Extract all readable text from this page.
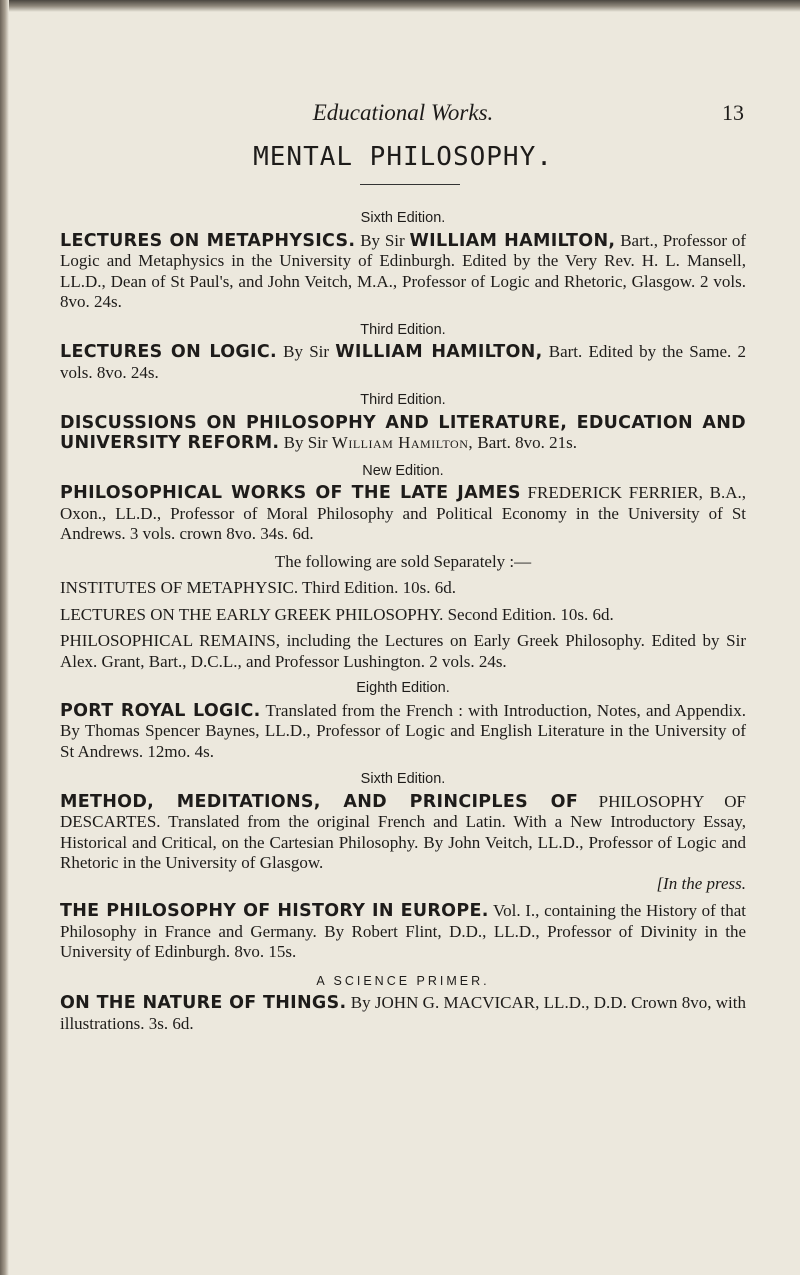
Educational Works.	13
MENTAL PHILOSOPHY.
Sixth Edition.
LECTURES ON METAPHYSICS. By Sir WILLIAM HAMILTON, Bart., Professor of Logic and Metaphysics in the University of Edinburgh. Edited by the Very Rev. H. L. Mansell, LL.D., Dean of St Paul's, and John Veitch, M.A., Professor of Logic and Rhetoric, Glasgow. 2 vols. 8vo. 24s.
Third Edition.
LECTURES ON LOGIC. By Sir WILLIAM HAMILTON, Bart. Edited by the Same. 2 vols. 8vo. 24s.
Third Edition.
DISCUSSIONS ON PHILOSOPHY AND LITERATURE, EDUCATION AND UNIVERSITY REFORM. By Sir William Hamilton, Bart. 8vo. 21s.
New Edition.
PHILOSOPHICAL WORKS OF THE LATE JAMES FREDERICK FERRIER, B.A., Oxon., LL.D., Professor of Moral Philosophy and Political Economy in the University of St Andrews. 3 vols. crown 8vo. 34s. 6d.
The following are sold Separately :—
INSTITUTES OF METAPHYSIC. Third Edition. 10s. 6d.
LECTURES ON THE EARLY GREEK PHILOSOPHY. Second Edition. 10s. 6d.
PHILOSOPHICAL REMAINS, including the Lectures on Early Greek Philosophy. Edited by Sir Alex. Grant, Bart., D.C.L., and Professor Lushington. 2 vols. 24s.
Eighth Edition.
PORT ROYAL LOGIC. Translated from the French : with Introduction, Notes, and Appendix. By Thomas Spencer Baynes, LL.D., Professor of Logic and English Literature in the University of St Andrews. 12mo. 4s.
Sixth Edition.
METHOD, MEDITATIONS, AND PRINCIPLES OF PHILOSOPHY OF DESCARTES. Translated from the original French and Latin. With a New Introductory Essay, Historical and Critical, on the Cartesian Philosophy. By John Veitch, LL.D., Professor of Logic and Rhetoric in the University of Glasgow.
[In the press.
THE PHILOSOPHY OF HISTORY IN EUROPE. Vol. I., containing the History of that Philosophy in France and Germany. By Robert Flint, D.D., LL.D., Professor of Divinity in the University of Edinburgh. 8vo. 15s.
A SCIENCE PRIMER.
ON THE NATURE OF THINGS. By JOHN G. MACVICAR, LL.D., D.D. Crown 8vo, with illustrations. 3s. 6d.
